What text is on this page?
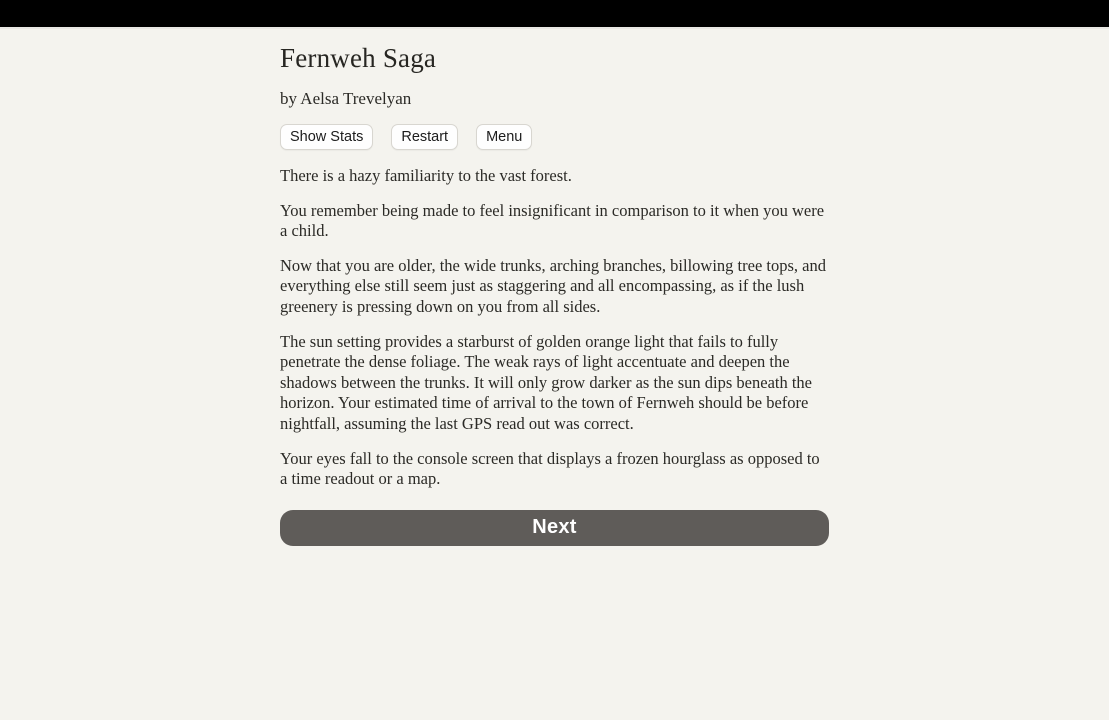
Fernweh Saga

by Aelsa Trevelyan

Show Stats	Restart	Menu

There is a hazy familiarity to the vast forest.

You remember being made to feel insignificant in comparison to it when you were a child.

Now that you are older, the wide trunks, arching branches, billowing tree tops, and everything else still seem just as staggering and all encompassing, as if the lush greenery is pressing down on you from all sides.

The sun setting provides a starburst of golden orange light that fails to fully penetrate the dense foliage. The weak rays of light accentuate and deepen the shadows between the trunks. It will only grow darker as the sun dips beneath the horizon. Your estimated time of arrival to the town of Fernweh should be before nightfall, assuming the last GPS read out was correct.

Your eyes fall to the console screen that displays a frozen hourglass as opposed to a time readout or a map.

Next
